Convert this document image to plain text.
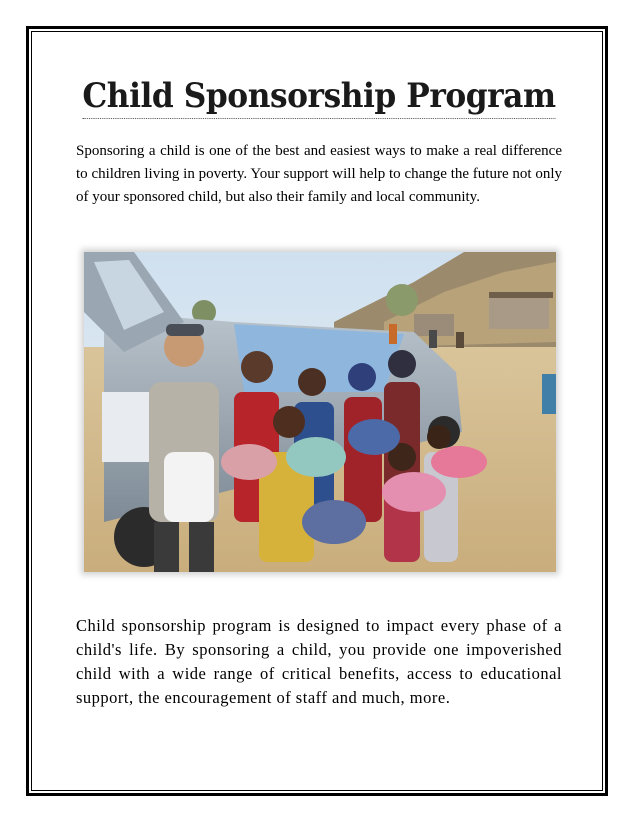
Child Sponsorship Program

Sponsoring a child is one of the best and easiest ways to make a real difference to children living in poverty. Your support will help to change the future not only of your sponsored child, but also their family and local community.

Child sponsorship program is designed to impact every phase of a child's life. By sponsoring a child, you provide one impoverished child with a wide range of critical benefits, access to educational support, the encouragement of staff and much, more.
